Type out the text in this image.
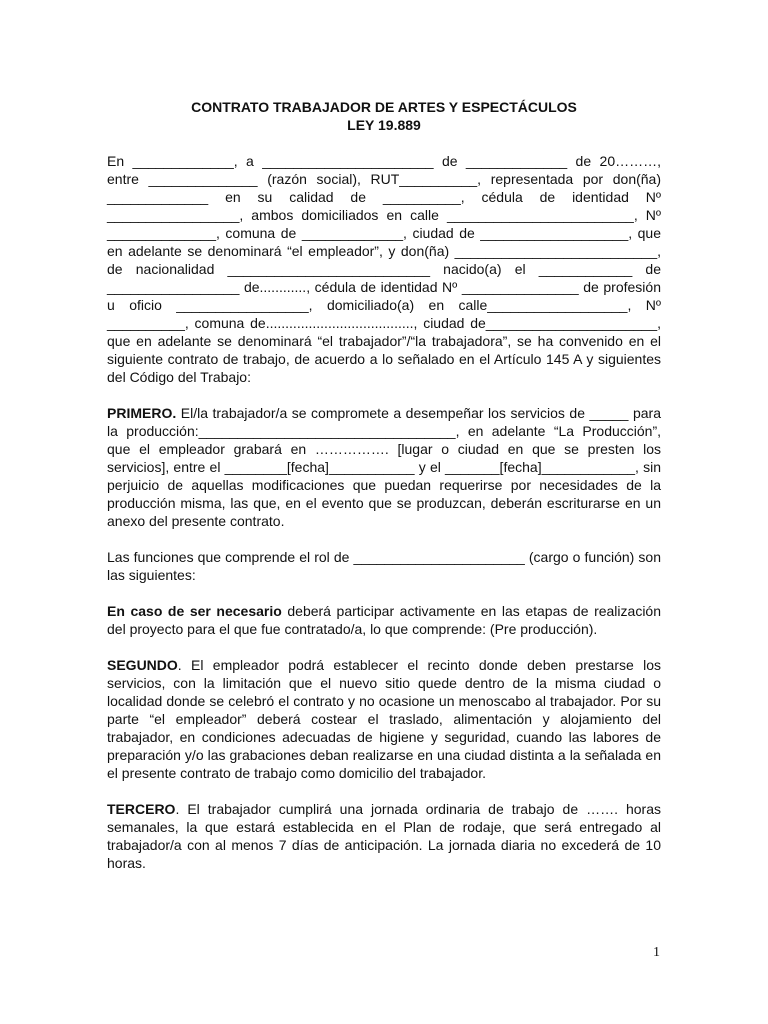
CONTRATO TRABAJADOR DE ARTES Y ESPECTÁCULOS
LEY 19.889

En _____________, a ______________________ de _____________ de 20………, entre ______________ (razón social), RUT__________, representada por don(ña) _____________ en su calidad de __________, cédula de identidad Nº _________________, ambos domiciliados en calle ________________________, Nº ______________, comuna de _____________, ciudad de ___________________, que en adelante se denominará “el empleador”, y don(ña) __________________________, de nacionalidad __________________________ nacido(a) el ____________ de _________________ de............, cédula de identidad Nº _______________ de profesión u oficio _________________, domiciliado(a) en calle__________________, Nº __________, comuna de......................................, ciudad de______________________, que en adelante se denominará “el trabajador”/“la trabajadora”, se ha convenido en el siguiente contrato de trabajo, de acuerdo a lo señalado en el Artículo 145 A y siguientes del Código del Trabajo:

PRIMERO. El/la trabajador/a se compromete a desempeñar los servicios de _____ para la producción:_________________________________, en adelante “La Producción”, que el empleador grabará en ……………. [lugar o ciudad en que se presten los servicios], entre el ________[fecha]___________ y el _______[fecha]____________, sin perjuicio de aquellas modificaciones que puedan requerirse por necesidades de la producción misma, las que, en el evento que se produzcan, deberán escriturarse en un anexo del presente contrato.

Las funciones que comprende el rol de ______________________ (cargo o función) son las siguientes:

En caso de ser necesario deberá participar activamente en las etapas de realización del proyecto para el que fue contratado/a, lo que comprende: (Pre producción).

SEGUNDO. El empleador podrá establecer el recinto donde deben prestarse los servicios, con la limitación que el nuevo sitio quede dentro de la misma ciudad o localidad donde se celebró el contrato y no ocasione un menoscabo al trabajador. Por su parte “el empleador” deberá costear el traslado, alimentación y alojamiento del trabajador, en condiciones adecuadas de higiene y seguridad, cuando las labores de preparación y/o las grabaciones deban realizarse en una ciudad distinta a la señalada en el presente contrato de trabajo como domicilio del trabajador.

TERCERO. El trabajador cumplirá una jornada ordinaria de trabajo de ……. horas semanales, la que estará establecida en el Plan de rodaje, que será entregado al trabajador/a con al menos 7 días de anticipación. La jornada diaria no excederá de 10 horas.

1
